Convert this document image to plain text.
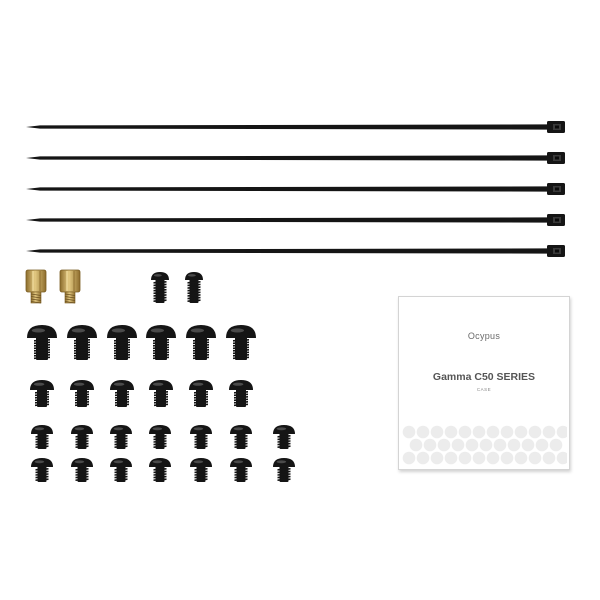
Ocypus
Gamma C50 SERIES
CASE
